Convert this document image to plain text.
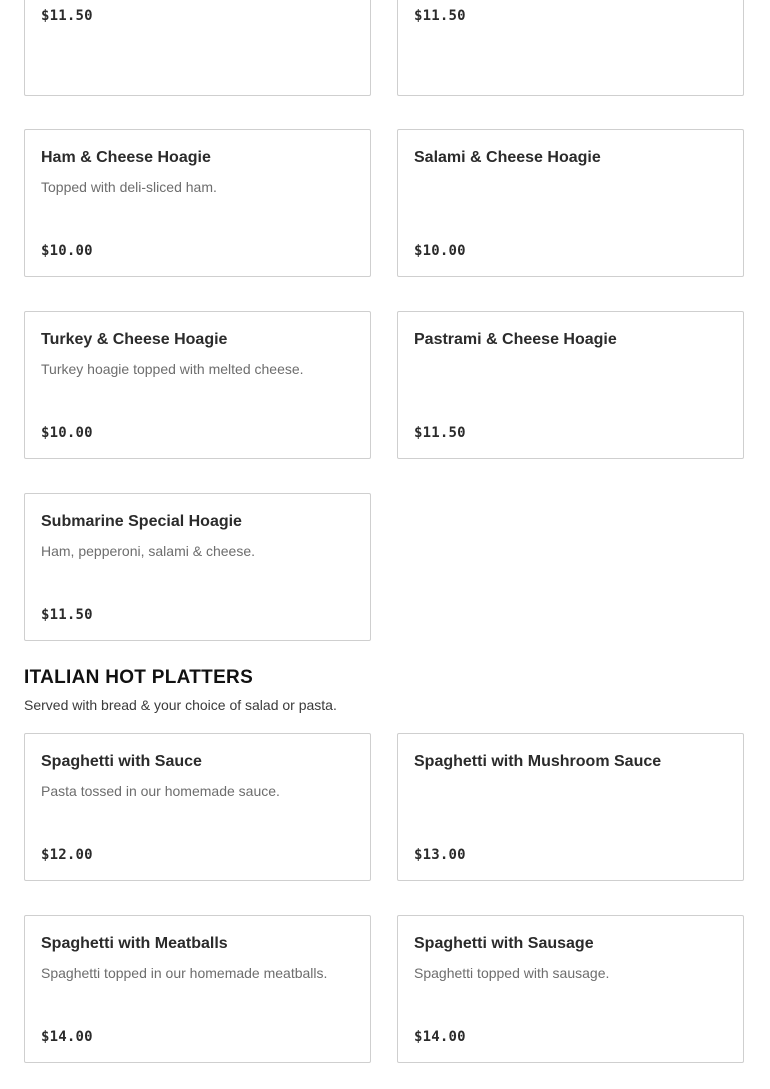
$11.50	$11.50
Ham & Cheese Hoagie
Topped with deli-sliced ham.
$10.00
Salami & Cheese Hoagie
$10.00
Turkey & Cheese Hoagie
Turkey hoagie topped with melted cheese.
$10.00
Pastrami & Cheese Hoagie
$11.50
Submarine Special Hoagie
Ham, pepperoni, salami & cheese.
$11.50
ITALIAN HOT PLATTERS

Served with bread & your choice of salad or pasta.

Spaghetti with Sauce
Pasta tossed in our homemade sauce.
$12.00
Spaghetti with Mushroom Sauce
$13.00
Spaghetti with Meatballs
Spaghetti topped in our homemade meatballs.
$14.00
Spaghetti with Sausage
Spaghetti topped with sausage.
$14.00
